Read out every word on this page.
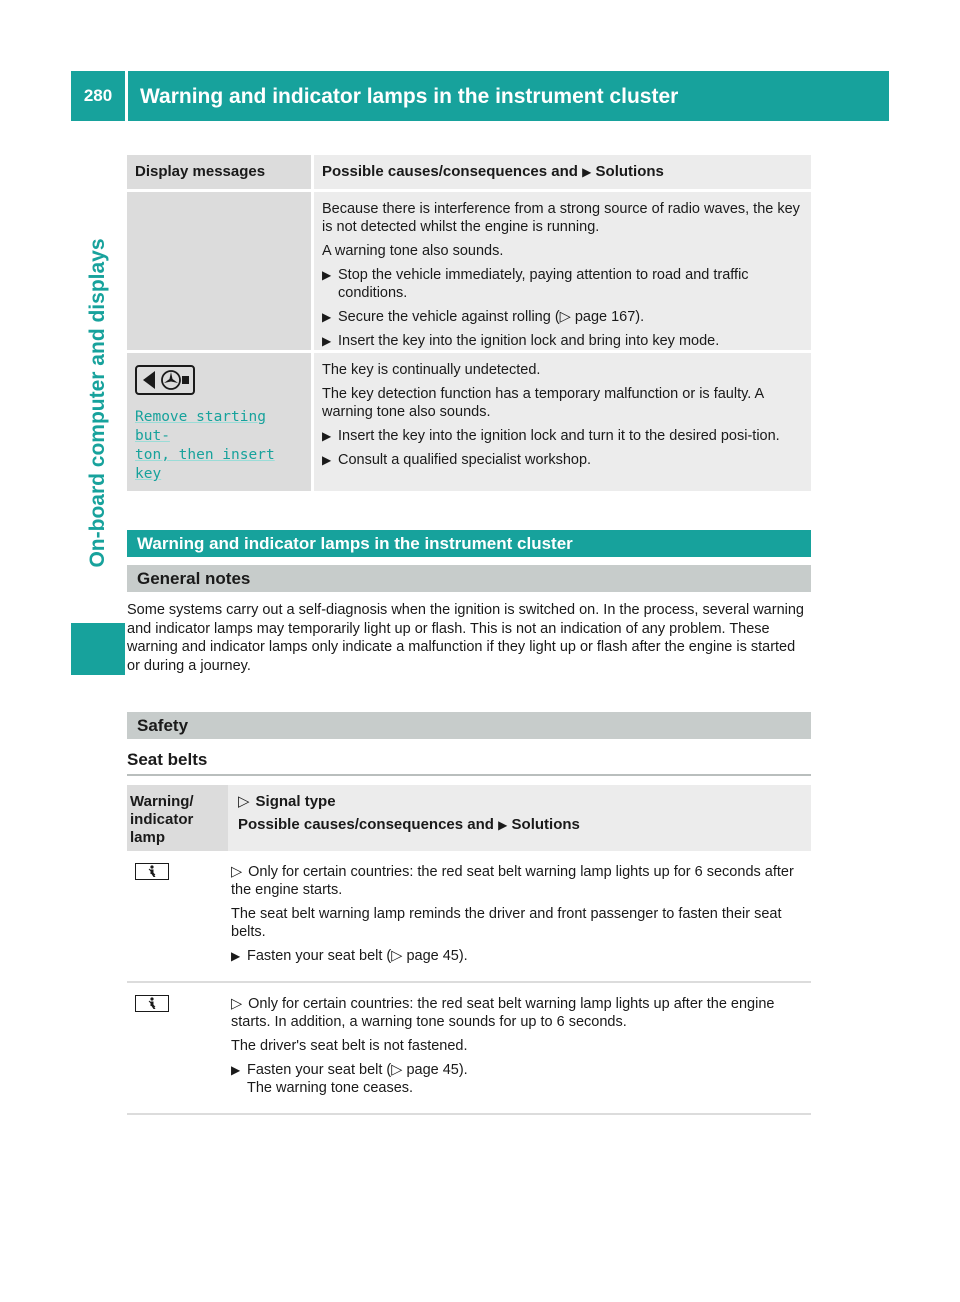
280	Warning and indicator lamps in the instrument cluster
On-board computer and displays
Display messages	Possible causes/consequences and ▶ Solutions
Because there is interference from a strong source of radio waves, the key is not detected whilst the engine is running.
A warning tone also sounds.
▶ Stop the vehicle immediately, paying attention to road and traffic conditions.
▶ Secure the vehicle against rolling (▷ page 167).
▶ Insert the key into the ignition lock and bring into key mode.
Remove starting but-
ton, then insert key
The key is continually undetected.
The key detection function has a temporary malfunction or is faulty. A warning tone also sounds.
▶ Insert the key into the ignition lock and turn it to the desired posi-tion.
▶ Consult a qualified specialist workshop.
Warning and indicator lamps in the instrument cluster
General notes
Some systems carry out a self-diagnosis when the ignition is switched on. In the process, several warning and indicator lamps may temporarily light up or flash. This is not an indication of any problem. These warning and indicator lamps only indicate a malfunction if they light up or flash after the engine is started or during a journey.
Safety
Seat belts
Warning/ indicator lamp
▷ Signal type
Possible causes/consequences and ▶ Solutions
▷ Only for certain countries: the red seat belt warning lamp lights up for 6 seconds after the engine starts.
The seat belt warning lamp reminds the driver and front passenger to fasten their seat belts.
▶ Fasten your seat belt (▷ page 45).
▷ Only for certain countries: the red seat belt warning lamp lights up after the engine starts. In addition, a warning tone sounds for up to 6 seconds.
The driver's seat belt is not fastened.
▶ Fasten your seat belt (▷ page 45).
The warning tone ceases.
